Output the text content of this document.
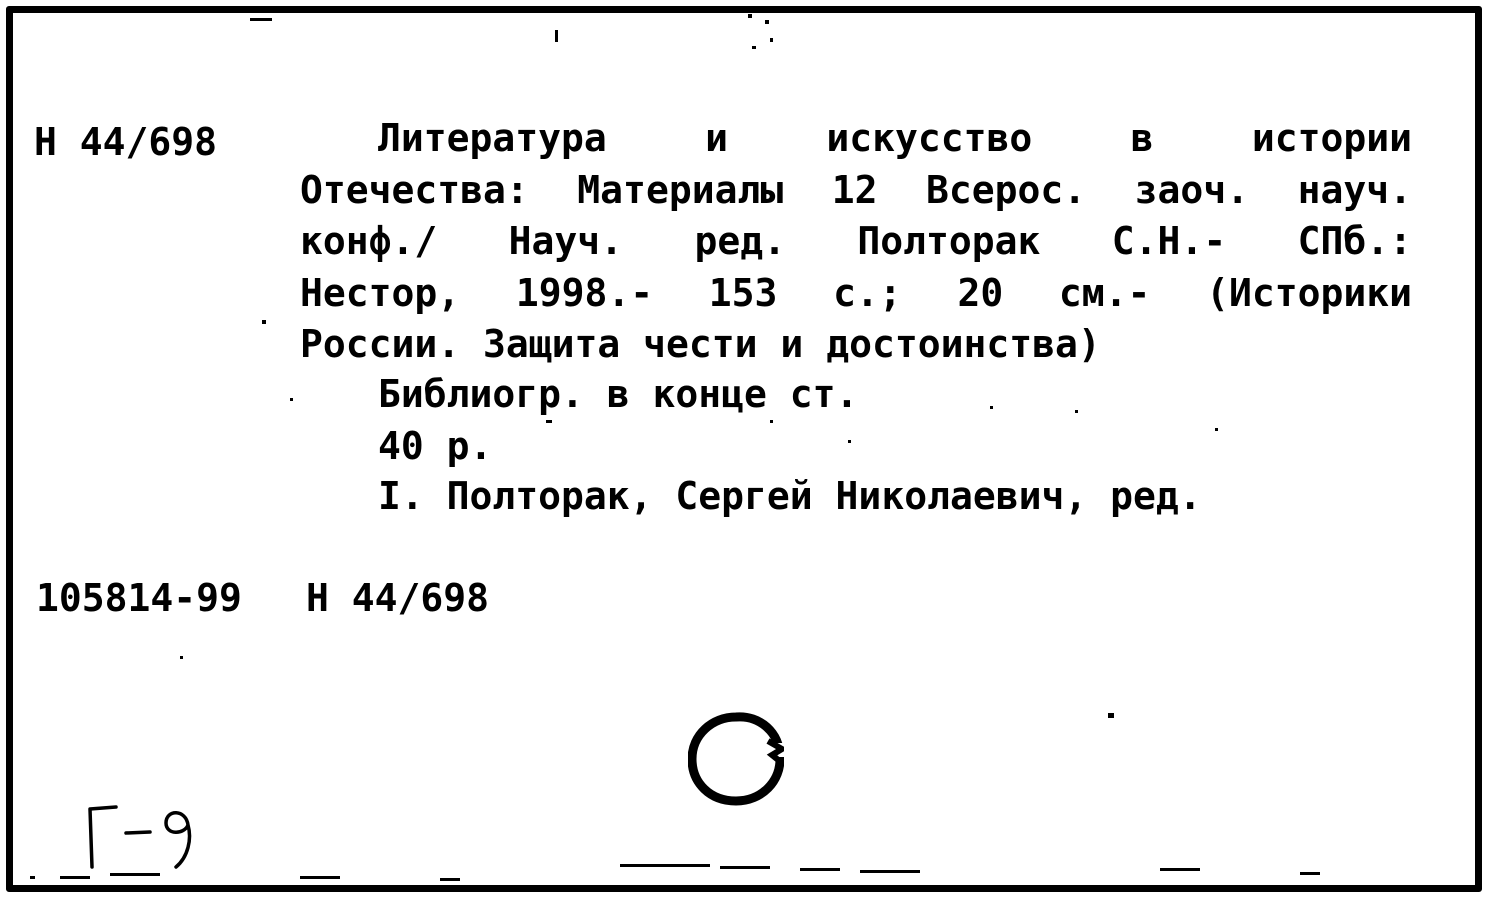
Н 44/698	Литература и искусство в истории
Отечества: Материалы 12 Всерос. заоч. науч.
конф./ Науч. ред. Полторак С.Н.- СПб.:
Нестор, 1998.- 153 с.; 20 см.- (Историки
России. Защита чести и достоинства)
Библиогр. в конце ст.
40 р.
I. Полторак, Сергей Николаевич, ред.
105814-99 Н 44/698
